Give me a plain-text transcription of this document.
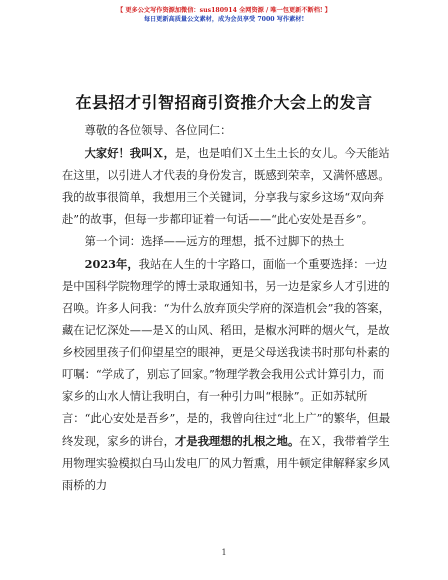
【 更多公文写作资源加微信：sus180914 全网资源 / 唯一包更新不断档! 】
每日更新高质量公文素材，成为会员享受 7000 写作素材!
在县招才引智招商引资推介大会上的发言

尊敬的各位领导、各位同仁：

大家好！我叫Ｘ，是，也是咱们Ｘ土生土长的女儿。今天能站在这里，以引进人才代表的身份发言，既感到荣幸，又满怀感恩。我的故事很简单，我想用三个关键词，分享我与家乡这场“双向奔赴”的故事，但每一步都印证着一句话——“此心安处是吾乡”。

第一个词：选择——远方的理想，抵不过脚下的热土

2023年，我站在人生的十字路口，面临一个重要选择：一边是中国科学院物理学的博士录取通知书，另一边是家乡人才引进的召唤。许多人问我：“为什么放弃顶尖学府的深造机会”我的答案，藏在记忆深处——是Ｘ的山风、稻田，是椒水河畔的烟火气，是故乡校园里孩子们仰望星空的眼神，更是父母送我读书时那句朴素的叮嘱：“学成了，别忘了回家。”物理学教会我用公式计算引力，而家乡的山水人情让我明白，有一种引力叫“根脉”。正如苏轼所言：“此心安处是吾乡”，是的，我曾向往过“北上广”的繁华，但最终发现，家乡的讲台，才是我理想的扎根之地。在Ｘ，我带着学生用物理实验模拟白马山发电厂的风力暂熏，用牛顿定律解释家乡风雨桥的力

1
